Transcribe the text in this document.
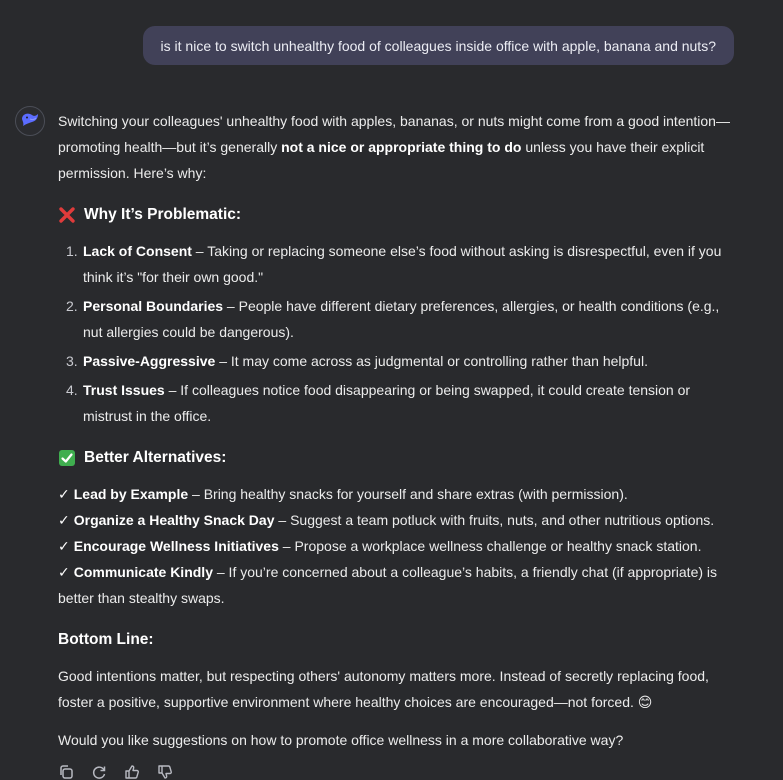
is it nice to switch unhealthy food of colleagues inside office with apple, banana and nuts?

Switching your colleagues' unhealthy food with apples, bananas, or nuts might come from a good intention—promoting health—but it’s generally not a nice or appropriate thing to do unless you have their explicit permission. Here’s why:

Why It’s Problematic:
1. Lack of Consent – Taking or replacing someone else’s food without asking is disrespectful, even if you think it’s "for their own good."
2. Personal Boundaries – People have different dietary preferences, allergies, or health conditions (e.g., nut allergies could be dangerous).
3. Passive-Aggressive – It may come across as judgmental or controlling rather than helpful.
4. Trust Issues – If colleagues notice food disappearing or being swapped, it could create tension or mistrust in the office.
Better Alternatives:

✓ Lead by Example – Bring healthy snacks for yourself and share extras (with permission).

✓ Organize a Healthy Snack Day – Suggest a team potluck with fruits, nuts, and other nutritious options.

✓ Encourage Wellness Initiatives – Propose a workplace wellness challenge or healthy snack station.

✓ Communicate Kindly – If you’re concerned about a colleague’s habits, a friendly chat (if appropriate) is better than stealthy swaps.

Bottom Line:

Good intentions matter, but respecting others' autonomy matters more. Instead of secretly replacing food, foster a positive, supportive environment where healthy choices are encouraged—not forced. 😊

Would you like suggestions on how to promote office wellness in a more collaborative way?
